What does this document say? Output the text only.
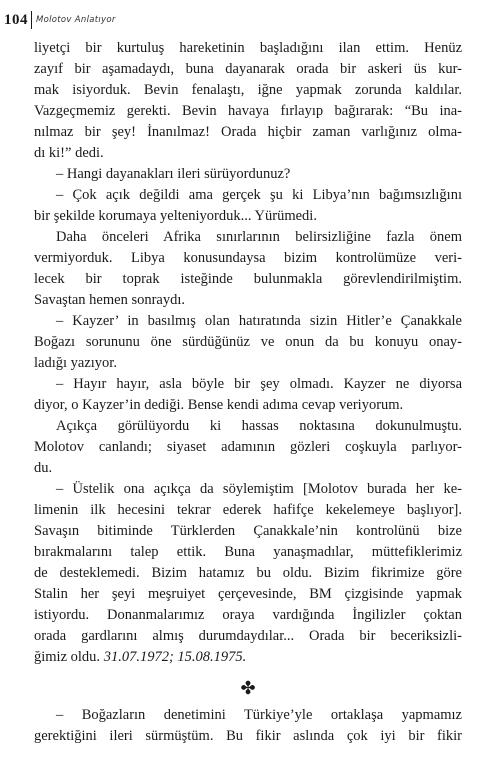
104 Molotov Anlatıyor
liyetçi bir kurtuluş hareketinin başladığını ilan ettim. Henüz
zayıf bir aşamadaydı, buna dayanarak orada bir askeri üs kur-
mak isiyorduk. Bevin fenalaştı, iğne yapmak zorunda kaldılar.
Vazgeçmemiz gerekti. Bevin havaya fırlayıp bağırarak: “Bu ina-
nılmaz bir şey! İnanılmaz! Orada hiçbir zaman varlığınız olma-
dı ki!” dedi.
– Hangi dayanakları ileri sürüyordunuz?
– Çok açık değildi ama gerçek şu ki Libya’nın bağımsızlığını
bir şekilde korumaya yelteniyorduk... Yürümedi.
Daha önceleri Afrika sınırlarının belirsizliğine fazla önem
vermiyorduk. Libya konusundaysa bizim kontrolümüze veri-
lecek bir toprak isteğinde bulunmakla görevlendirilmiştim.
Savaştan hemen sonraydı.
– Kayzer’ in basılmış olan hatıratında sizin Hitler’e Çanakkale
Boğazı sorununu öne sürdüğünüz ve onun da bu konuyu onay-
ladığı yazıyor.
– Hayır hayır, asla böyle bir şey olmadı. Kayzer ne diyorsa
diyor, o Kayzer’in dediği. Bense kendi adıma cevap veriyorum.
Açıkça görülüyordu ki hassas noktasına dokunulmuştu.
Molotov canlandı; siyaset adamının gözleri coşkuyla parlıyor-
du.
– Üstelik ona açıkça da söylemiştim [Molotov burada her ke-
limenin ilk hecesini tekrar ederek hafifçe kekelemeye başlıyor].
Savaşın bitiminde Türklerden Çanakkale’nin kontrolünü bize
bırakmalarını talep ettik. Buna yanaşmadılar, müttefiklerimiz
de desteklemedi. Bizim hatamız bu oldu. Bizim fikrimize göre
Stalin her şeyi meşruiyet çerçevesinde, BM çizgisinde yapmak
istiyordu. Donanmalarımız oraya vardığında İngilizler çoktan
orada gardlarını almış durumdaydılar... Orada bir beceriksizli-
ğimiz oldu. 31.07.1972; 15.08.1975.
✤
– Boğazların denetimini Türkiye’yle ortaklaşa yapmamız
gerektiğini ileri sürmüştüm. Bu fikir aslında çok iyi bir fikir
